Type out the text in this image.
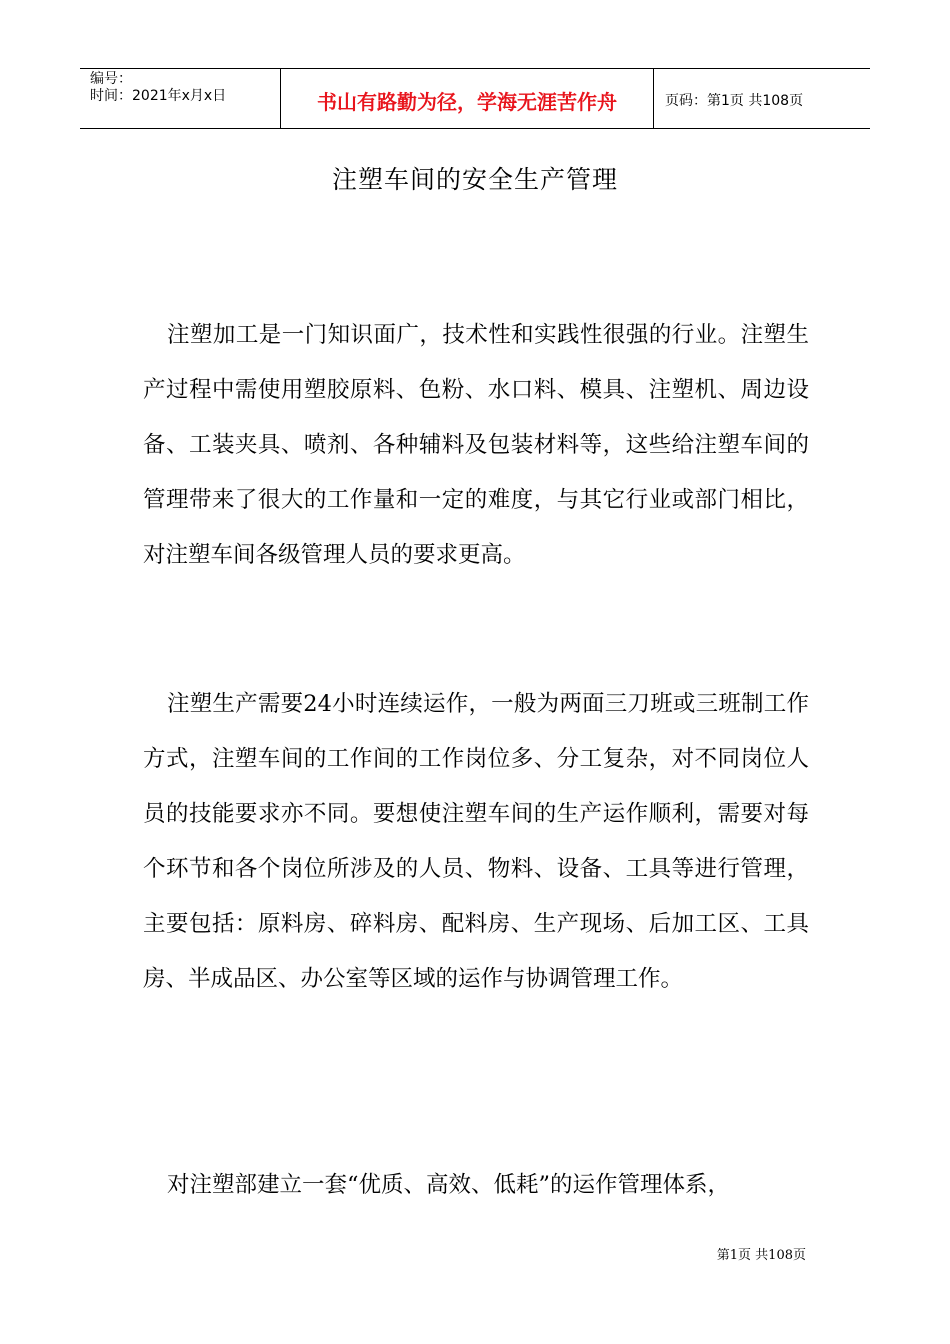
编号：
时间：2021年x月x日	书山有路勤为径，学海无涯苦作舟	页码：第1页 共108页
注塑车间的安全生产管理

注塑加工是一门知识面广，技术性和实践性很强的行业。注塑生产过程中需使用塑胶原料、色粉、水口料、模具、注塑机、周边设备、工装夹具、喷剂、各种辅料及包装材料等，这些给注塑车间的管理带来了很大的工作量和一定的难度，与其它行业或部门相比，对注塑车间各级管理人员的要求更高。

注塑生产需要24小时连续运作，一般为两面三刀班或三班制工作方式，注塑车间的工作间的工作岗位多、分工复杂，对不同岗位人员的技能要求亦不同。要想使注塑车间的生产运作顺利，需要对每个环节和各个岗位所涉及的人员、物料、设备、工具等进行管理，主要包括：原料房、碎料房、配料房、生产现场、后加工区、工具房、半成品区、办公室等区域的运作与协调管理工作。

对注塑部建立一套“优质、高效、低耗”的运作管理体系，

第1页 共108页
